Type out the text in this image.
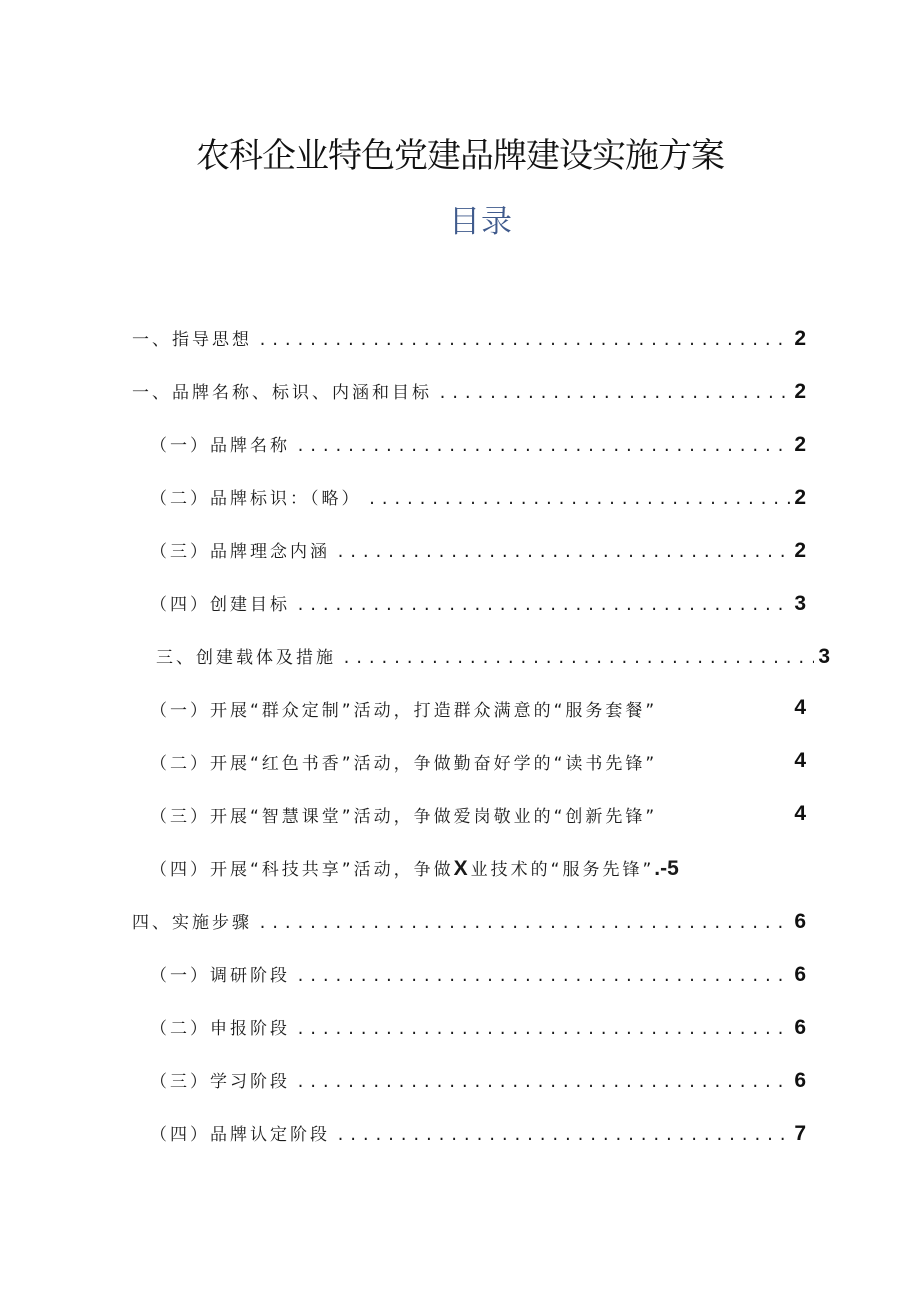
农科企业特色党建品牌建设实施方案
目录
一、指导思想 .....	2
一、品牌名称、标识、内涵和目标 .....	2
（一）品牌名称 .....	2
（二）品牌标识：（略） .....	2
（三）品牌理念内涵 .....	2
（四）创建目标 .....	3
三、创建载体及措施 .....	3
（一）开展“群众定制”活动，打造群众满意的“服务套餐”	4
（二）开展“红色书香”活动，争做勤奋好学的“读书先锋”	4
（三）开展“智慧课堂”活动，争做爱岗敬业的“创新先锋”	4
（四）开展“科技共享”活动，争做X业技术的“服务先锋”.-5
四、实施步骤 .....	6
（一）调研阶段 .....	6
（二）申报阶段 .....	6
（三）学习阶段 .....	6
（四）品牌认定阶段 .....	7
